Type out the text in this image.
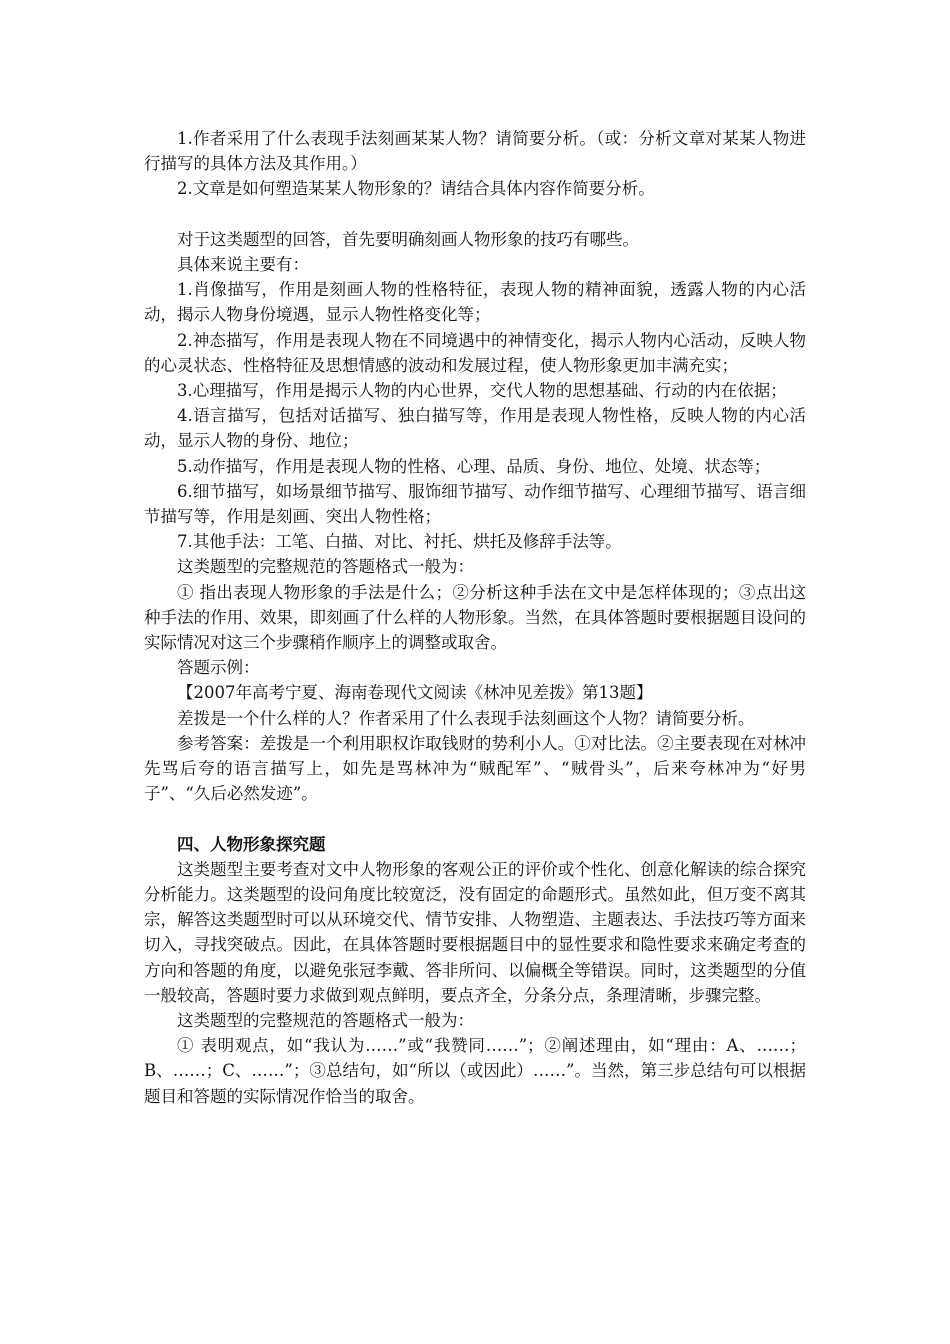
1.作者采用了什么表现手法刻画某某人物？请简要分析。（或：分析文章对某某人物进行描写的具体方法及其作用。）

2.文章是如何塑造某某人物形象的？请结合具体内容作简要分析。

对于这类题型的回答，首先要明确刻画人物形象的技巧有哪些。

具体来说主要有：

1.肖像描写，作用是刻画人物的性格特征，表现人物的精神面貌，透露人物的内心活动，揭示人物身份境遇，显示人物性格变化等；

2.神态描写，作用是表现人物在不同境遇中的神情变化，揭示人物内心活动，反映人物的心灵状态、性格特征及思想情感的波动和发展过程，使人物形象更加丰满充实；

3.心理描写，作用是揭示人物的内心世界，交代人物的思想基础、行动的内在依据；

4.语言描写，包括对话描写、独白描写等，作用是表现人物性格，反映人物的内心活动，显示人物的身份、地位；

5.动作描写，作用是表现人物的性格、心理、品质、身份、地位、处境、状态等；

6.细节描写，如场景细节描写、服饰细节描写、动作细节描写、心理细节描写、语言细节描写等，作用是刻画、突出人物性格；

7.其他手法：工笔、白描、对比、衬托、烘托及修辞手法等。

这类题型的完整规范的答题格式一般为：

① 指出表现人物形象的手法是什么；②分析这种手法在文中是怎样体现的；③点出这种手法的作用、效果，即刻画了什么样的人物形象。当然，在具体答题时要根据题目设问的实际情况对这三个步骤稍作顺序上的调整或取舍。

答题示例：

【2007年高考宁夏、海南卷现代文阅读《林冲见差拨》第13题】

差拨是一个什么样的人？作者采用了什么表现手法刻画这个人物？请简要分析。

参考答案：差拨是一个利用职权诈取钱财的势利小人。①对比法。②主要表现在对林冲先骂后夸的语言描写上，如先是骂林冲为“贼配军”、“贼骨头”，后来夸林冲为“好男子”、“久后必然发迹”。

四、人物形象探究题

这类题型主要考查对文中人物形象的客观公正的评价或个性化、创意化解读的综合探究分析能力。这类题型的设问角度比较宽泛，没有固定的命题形式。虽然如此，但万变不离其宗，解答这类题型时可以从环境交代、情节安排、人物塑造、主题表达、手法技巧等方面来切入，寻找突破点。因此，在具体答题时要根据题目中的显性要求和隐性要求来确定考查的方向和答题的角度，以避免张冠李戴、答非所问、以偏概全等错误。同时，这类题型的分值一般较高，答题时要力求做到观点鲜明，要点齐全，分条分点，条理清晰，步骤完整。

这类题型的完整规范的答题格式一般为：

① 表明观点，如“我认为……”或“我赞同……”；②阐述理由，如“理由：A、……；B、……；C、……”；③总结句，如“所以（或因此）……”。当然，第三步总结句可以根据题目和答题的实际情况作恰当的取舍。
